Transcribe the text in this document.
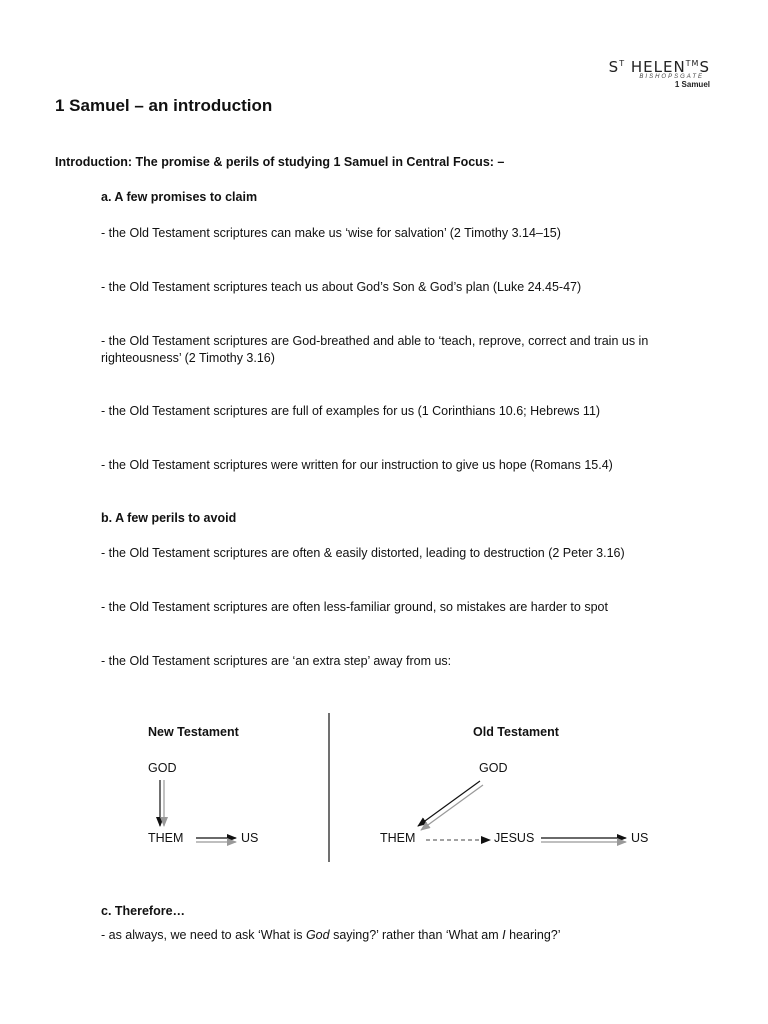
$S^T$ HELEN™S
BISHOPSGATE
1 Samuel
1 Samuel – an introduction
Introduction: The promise & perils of studying 1 Samuel in Central Focus: –
a. A few promises to claim
- the Old Testament scriptures can make us ‘wise for salvation’ (2 Timothy 3.14–15)
- the Old Testament scriptures teach us about God’s Son & God’s plan (Luke 24.45-47)
- the Old Testament scriptures are God-breathed and able to ‘teach, reprove, correct and train us in righteousness’ (2 Timothy 3.16)
- the Old Testament scriptures are full of examples for us (1 Corinthians 10.6; Hebrews 11)
- the Old Testament scriptures were written for our instruction to give us hope (Romans 15.4)
b. A few perils to avoid
- the Old Testament scriptures are often & easily distorted, leading to destruction (2 Peter 3.16)
- the Old Testament scriptures are often less-familiar ground, so mistakes are harder to spot
- the Old Testament scriptures are ‘an extra step’ away from us:
New Testament	Old Testament
GOD
THEM	US
GOD
THEM	JESUS	US
c. Therefore…
- as always, we need to ask ‘What is God saying?’ rather than ‘What am I hearing?’
